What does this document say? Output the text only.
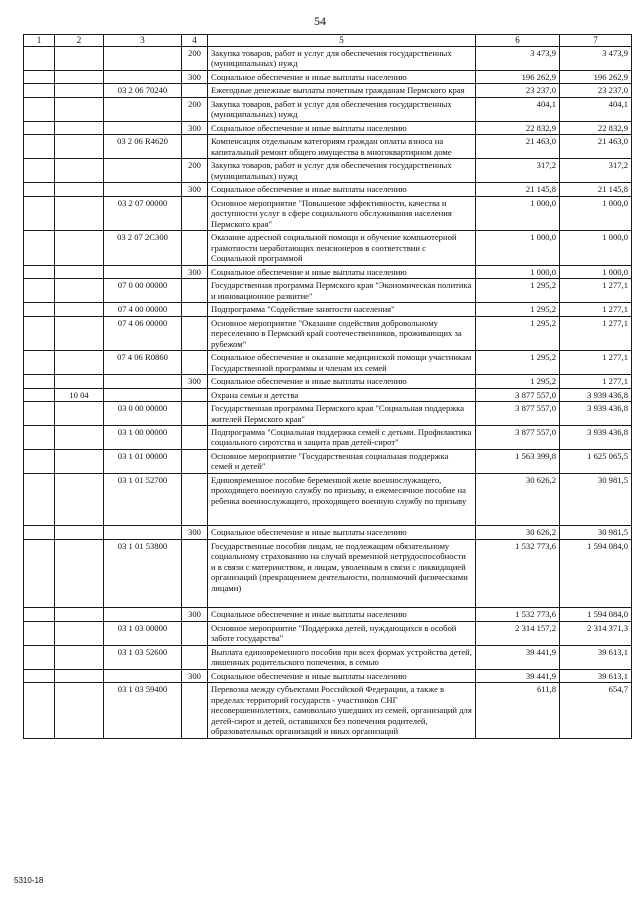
54
1	2	3	4	5	6	7
			200	Закупка товаров, работ и услуг для обеспечения государственных (муниципальных) нужд	3 473,9	3 473,9
			300	Социальное обеспечение и иные выплаты населению	196 262,9	196 262,9
		03 2 06 70240		Ежегодные денежные выплаты почетным гражданам Пермского края	23 237,0	23 237,0
			200	Закупка товаров, работ и услуг для обеспечения государственных (муниципальных) нужд	404,1	404,1
			300	Социальное обеспечение и иные выплаты населению	22 832,9	22 832,9
		03 2 06 R4620		Компенсация отдельным категориям граждан оплаты взноса на капитальный ремонт общего имущества в многоквартирном доме	21 463,0	21 463,0
			200	Закупка товаров, работ и услуг для обеспечения государственных (муниципальных) нужд	317,2	317,2
			300	Социальное обеспечение и иные выплаты населению	21 145,8	21 145,8
		03 2 07 00000		Основное мероприятие "Повышение эффективности, качества и доступности услуг в сфере социального обслуживания населения Пермского края"	1 000,0	1 000,0
		03 2 07 2С300		Оказание адресной социальной помощи и обучение компьютерной грамотности неработающих пенсионеров в соответствии с Социальной программой	1 000,0	1 000,0
			300	Социальное обеспечение и иные выплаты населению	1 000,0	1 000,0
		07 0 00 00000		Государственная программа Пермского края "Экономическая политика и инновационное развитие"	1 295,2	1 277,1
		07 4 00 00000		Подпрограмма "Содействие занятости населения"	1 295,2	1 277,1
		07 4 06 00000		Основное мероприятие "Оказание содействия добровольному переселению в Пермский край соотечественников, проживающих за рубежом"	1 295,2	1 277,1
		07 4 06 R0860		Социальное обеспечение и оказание медицинской помощи участникам Государственной программы и членам их семей	1 295,2	1 277,1
			300	Социальное обеспечение и иные выплаты населению	1 295,2	1 277,1
	10 04			Охрана семьи и детства	3 877 557,0	3 939 436,8
		03 0 00 00000		Государственная программа Пермского края "Социальная поддержка жителей Пермского края"	3 877 557,0	3 939 436,8
		03 1 00 00000		Подпрограмма "Социальная поддержка семей с детьми. Профилактика социального сиротства и защита прав детей-сирот"	3 877 557,0	3 939 436,8
		03 1 01 00000		Основное мероприятие "Государственная социальная поддержка семей и детей"	1 563 399,8	1 625 065,5
		03 1 01 52700		Единовременное пособие беременной жене военнослужащего, проходящего военную службу по призыву, и ежемесячное пособие на ребенка военнослужащего, проходящего военную службу по призыву	30 626,2	30 981,5
			300	Социальное обеспечение и иные выплаты населению	30 626,2	30 981,5
		03 1 01 53800		Государственные пособия лицам, не подлежащим обязательному социальному страхованию на случай временной нетрудоспособности и в связи с материнством, и лицам, уволенным в связи с ликвидацией организаций (прекращением деятельности, полномочий физическими лицами)	1 532 773,6	1 594 084,0
			300	Социальное обеспечение и иные выплаты населению	1 532 773,6	1 594 084,0
		03 1 03 00000		Основное мероприятие "Поддержка детей, нуждающихся в особой заботе государства"	2 314 157,2	2 314 371,3
		03 1 03 52600		Выплата единовременного пособия при всех формах устройства детей, лишенных родительского попечения, в семью	39 441,9	39 613,1
			300	Социальное обеспечение и иные выплаты населению	39 441,9	39 613,1
		03 1 03 59400		Перевозка между субъектами Российской Федерации, а также в пределах территорий государств - участников СНГ несовершеннолетних, самовольно ушедших из семей, организаций для детей-сирот и детей, оставшихся без попечения родителей, образовательных организаций и иных организаций	611,8	654,7
5310-18
